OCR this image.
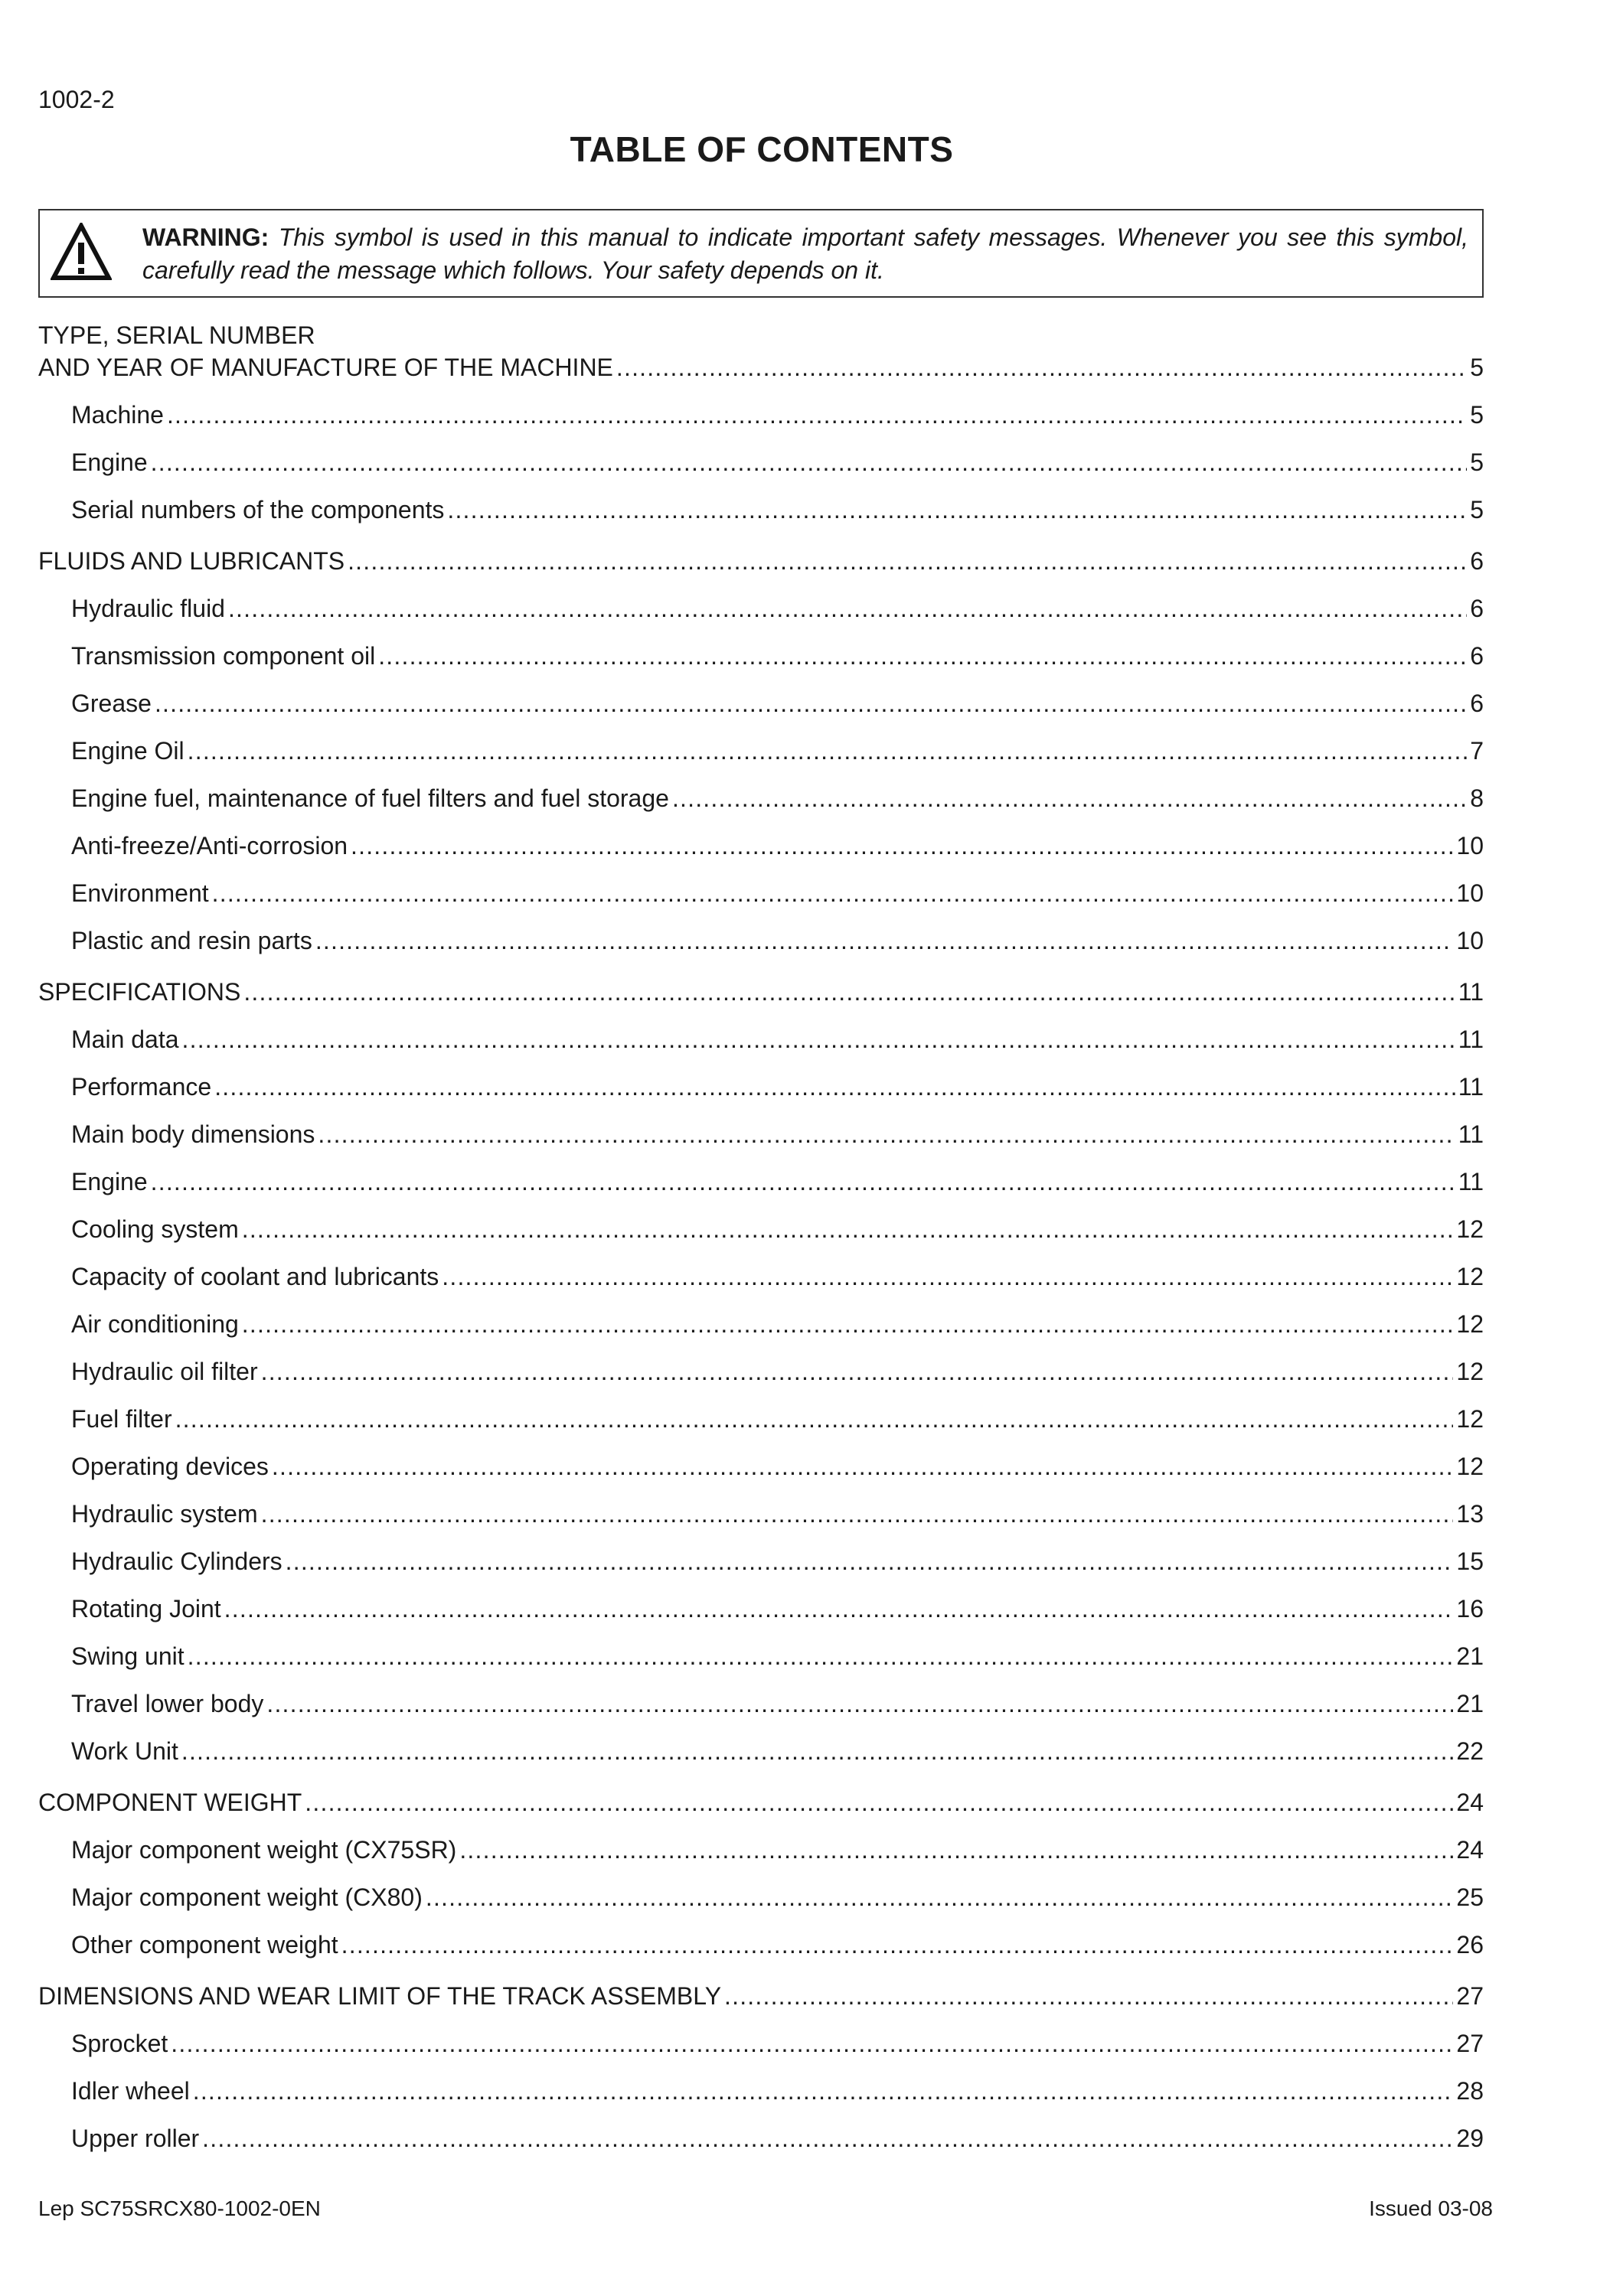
1002-2
TABLE OF CONTENTS
WARNING: This symbol is used in this manual to indicate important safety messages. Whenever you see this symbol, carefully read the message which follows. Your safety depends on it.
TYPE, SERIAL NUMBER
AND YEAR OF MANUFACTURE OF THE MACHINE .....	5
Machine .....	5
Engine .....	5
Serial numbers of the components .....	5
FLUIDS AND LUBRICANTS .....	6
Hydraulic fluid .....	6
Transmission component oil .....	6
Grease .....	6
Engine Oil .....	7
Engine fuel, maintenance of fuel filters and fuel storage .....	8
Anti-freeze/Anti-corrosion .....	10
Environment .....	10
Plastic and resin parts .....	10
SPECIFICATIONS .....	11
Main data .....	11
Performance .....	11
Main body dimensions .....	11
Engine .....	11
Cooling system .....	12
Capacity of coolant and lubricants .....	12
Air conditioning .....	12
Hydraulic oil filter .....	12
Fuel filter .....	12
Operating devices .....	12
Hydraulic system .....	13
Hydraulic Cylinders .....	15
Rotating Joint .....	16
Swing unit .....	21
Travel lower body .....	21
Work Unit .....	22
COMPONENT WEIGHT .....	24
Major component weight (CX75SR) .....	24
Major component weight (CX80) .....	25
Other component weight .....	26
DIMENSIONS AND WEAR LIMIT OF THE TRACK ASSEMBLY .....	27
Sprocket .....	27
Idler wheel .....	28
Upper roller .....	29
Lep SC75SRCX80-1002-0EN	Issued 03-08
